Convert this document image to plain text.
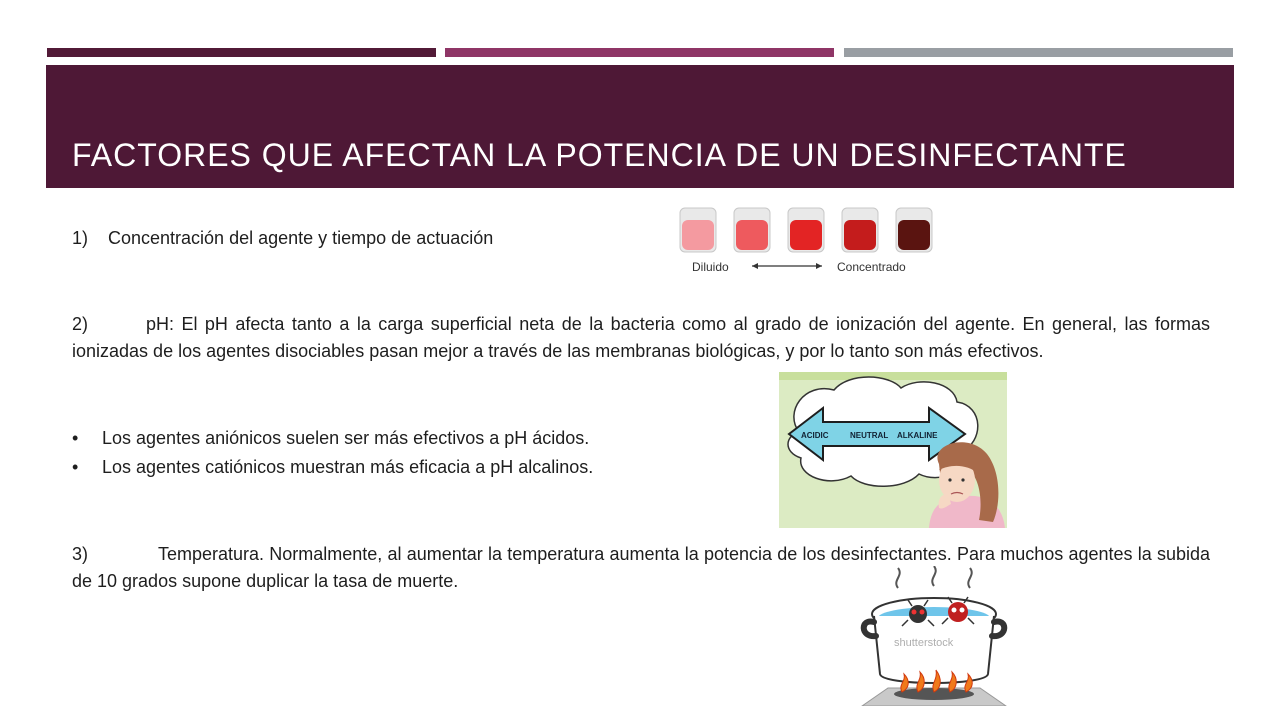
FACTORES QUE AFECTAN LA POTENCIA DE UN DESINFECTANTE
1) Concentración del agente y tiempo de actuación
Diluido	Concentrado
2)	pH: El pH afecta tanto a la carga superficial neta de la bacteria como al grado de ionización del agente. En general, las formas ionizadas de los agentes disociables pasan mejor a través de las membranas biológicas, y por lo tanto son más efectivos.
ACIDIC	NEUTRAL ALKALINE
• Los agentes aniónicos suelen ser más efectivos a pH ácidos.
• Los agentes catiónicos muestran más eficacia a pH alcalinos.
3)	Temperatura. Normalmente, al aumentar la temperatura aumenta la potencia de los desinfectantes. Para muchos agentes la subida de 10 grados supone duplicar la tasa de muerte.
shutterstock
